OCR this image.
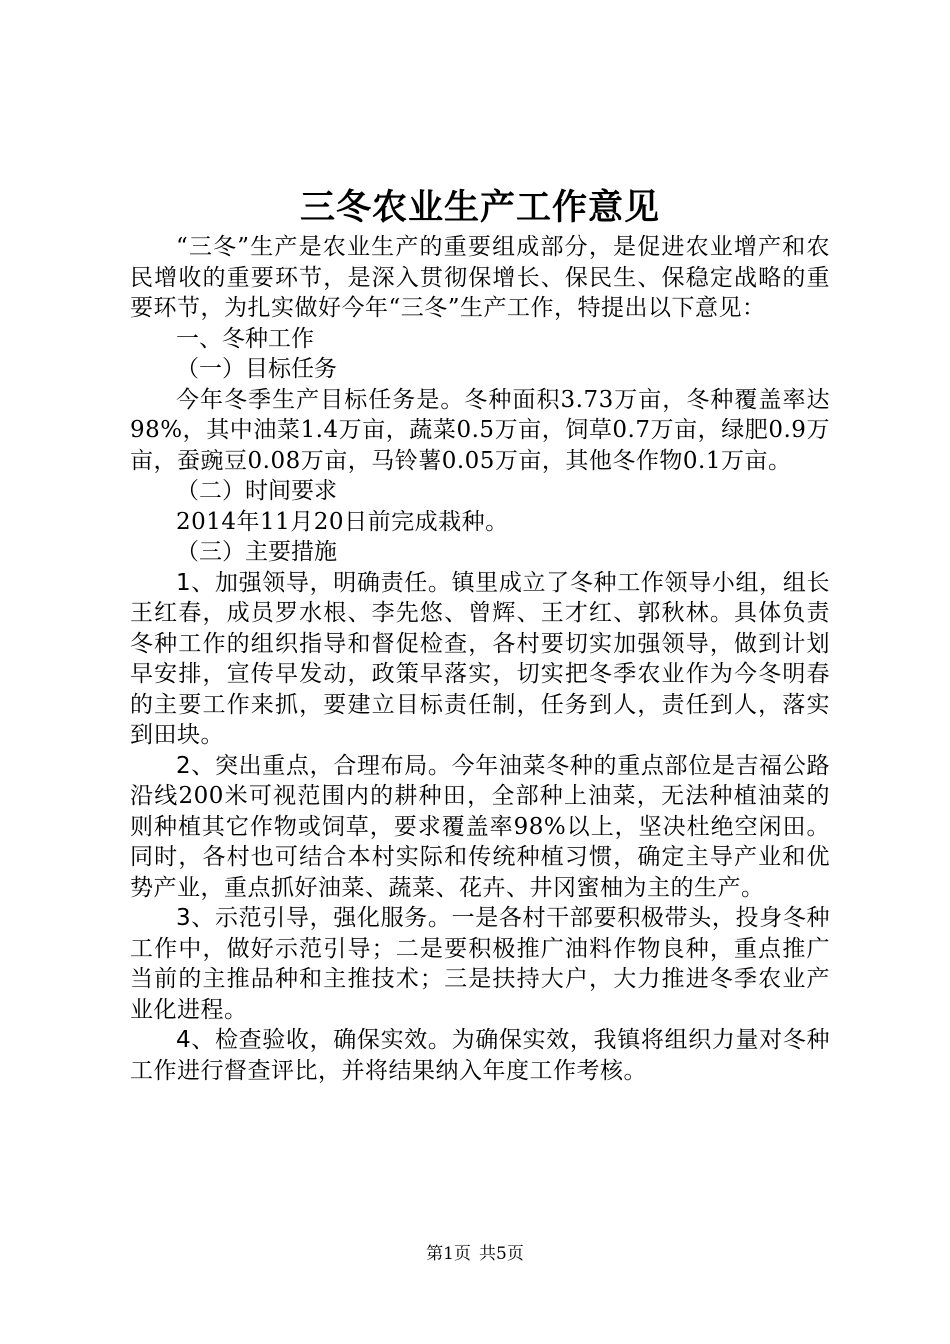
三冬农业生产工作意见

“三冬”生产是农业生产的重要组成部分，是促进农业增产和农民增收的重要环节，是深入贯彻保增长、保民生、保稳定战略的重要环节，为扎实做好今年“三冬”生产工作，特提出以下意见：

一、冬种工作

（一）目标任务

今年冬季生产目标任务是。冬种面积3.73万亩，冬种覆盖率达98%，其中油菜1.4万亩，蔬菜0.5万亩，饲草0.7万亩，绿肥0.9万亩，蚕豌豆0.08万亩，马铃薯0.05万亩，其他冬作物0.1万亩。

（二）时间要求

2014年11月20日前完成栽种。

（三）主要措施

1、加强领导，明确责任。镇里成立了冬种工作领导小组，组长王红春，成员罗水根、李先悠、曾辉、王才红、郭秋林。具体负责冬种工作的组织指导和督促检查，各村要切实加强领导，做到计划早安排，宣传早发动，政策早落实，切实把冬季农业作为今冬明春的主要工作来抓，要建立目标责任制，任务到人，责任到人，落实到田块。

2、突出重点，合理布局。今年油菜冬种的重点部位是吉福公路沿线200米可视范围内的耕种田，全部种上油菜，无法种植油菜的则种植其它作物或饲草，要求覆盖率98%以上，坚决杜绝空闲田。同时，各村也可结合本村实际和传统种植习惯，确定主导产业和优势产业，重点抓好油菜、蔬菜、花卉、井冈蜜柚为主的生产。

3、示范引导，强化服务。一是各村干部要积极带头，投身冬种工作中，做好示范引导；二是要积极推广油料作物良种，重点推广当前的主推品种和主推技术；三是扶持大户，大力推进冬季农业产业化进程。

4、检查验收，确保实效。为确保实效，我镇将组织力量对冬种工作进行督查评比，并将结果纳入年度工作考核。

第1页 共5页
